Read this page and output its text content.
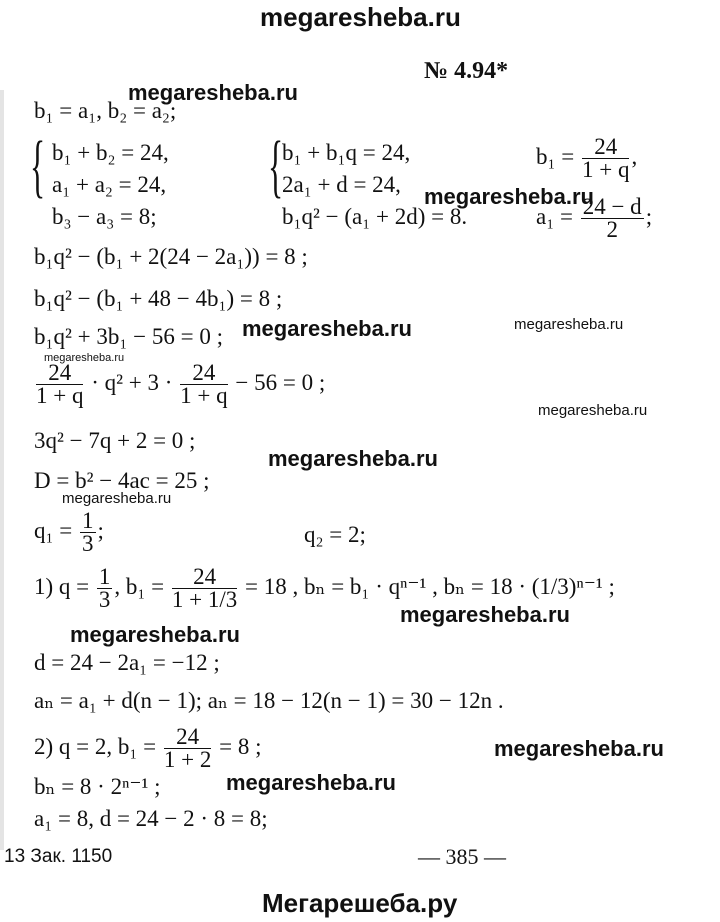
megaresheba.ru
Мегарешеба.ру
№ 4.94*
megaresheba.ru
megaresheba.ru
megaresheba.ru	megaresheba.ru
megaresheba.ru
megaresheba.ru
megaresheba.ru
megaresheba.ru
megaresheba.ru
megaresheba.ru
megaresheba.ru
megaresheba.ru
b₁ = a₁, b₂ = a₂;
{ b₁ + b₂ = 24,
a₁ + a₂ = 24,
b₃ − a₃ = 8;
{
b₁ + b₁q = 24,
2a₁ + d = 24,
b₁q² − (a₁ + 2d) = 8.
$b_1 = \frac{24}{1 + q}$ ,
$a_1 = \frac{24 - d}{2}$ ;
b₁q² − (b₁ + 2(24 − 2a₁)) = 8 ;
b₁q² − (b₁ + 48 − 4b₁) = 8 ;
b₁q² + 3b₁ − 56 = 0 ;
$\frac{24}{1 + q} \cdot q^2 + 3 \cdot \frac{24}{1 + q} - 56 = 0$ ;
3q² − 7q + 2 = 0 ;
D = b² − 4ac = 25 ;
$q_1 = \frac{1}{3}$ ;	q₂ = 2;
1) $q = \frac{1}{3}$ , $b_1 = \frac{24}{1 + 1/3} = 18$ , bₙ = b₁ · qⁿ⁻¹ , bₙ = 18 · (1/3)ⁿ⁻¹ ;
d = 24 − 2a₁ = −12 ;
aₙ = a₁ + d(n − 1); aₙ = 18 − 12(n − 1) = 30 − 12n .
2) q = 2, $b_1 = \frac{24}{1 + 2} = 8$ ;
bₙ = 8 · 2ⁿ⁻¹ ;
a₁ = 8, d = 24 − 2 · 8 = 8;
13 Зак. 1150	— 385 —
